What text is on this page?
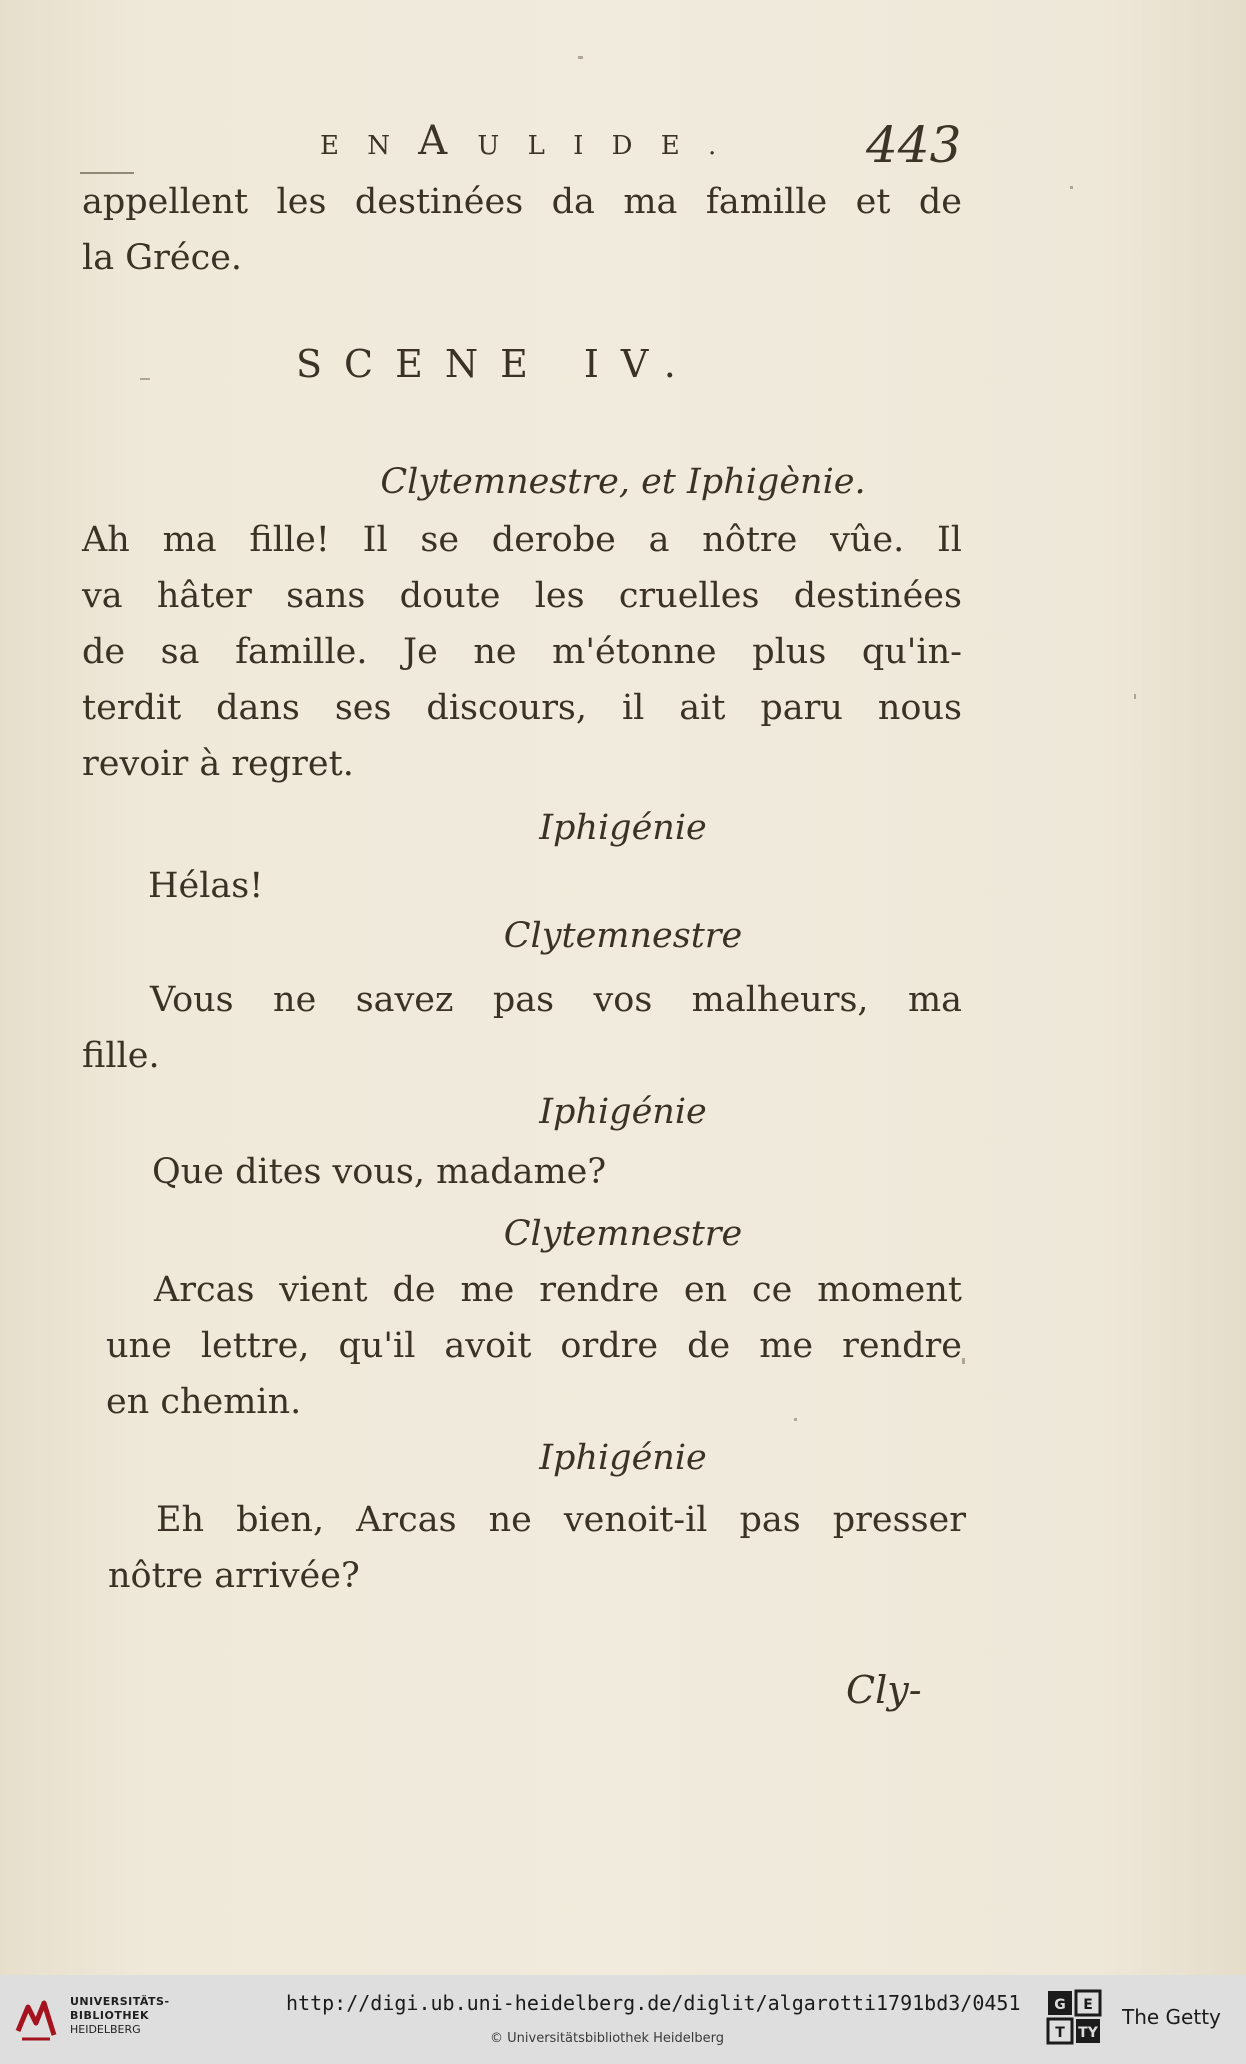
E N A U L I D E .	443
appellent les destinées da ma famille et de
la Gréce.
SCENE IV.
Clytemnestre, et Iphigènie.
Ah ma fille! Il se derobe a nôtre vûe. Il
va hâter sans doute les cruelles destinées
de sa famille. Je ne m'étonne plus qu'in-
terdit dans ses discours, il ait paru nous
revoir à regret.
Iphigénie
Hélas!
Clytemnestre
Vous ne savez pas vos malheurs, ma
fille.
Iphigénie
Que dites vous, madame?
Clytemnestre
Arcas vient de me rendre en ce moment
une lettre, qu'il avoit ordre de me rendre
en chemin.
Iphigénie
Eh bien, Arcas ne venoit-il pas presser
nôtre arrivée?
Cly-
UNIVERSITÄTS-
BIBLIOTHEK
HEIDELBERG
http://digi.ub.uni-heidelberg.de/diglit/algarotti1791bd3/0451
© Universitätsbibliothek Heidelberg
G E
T TY
The Getty
